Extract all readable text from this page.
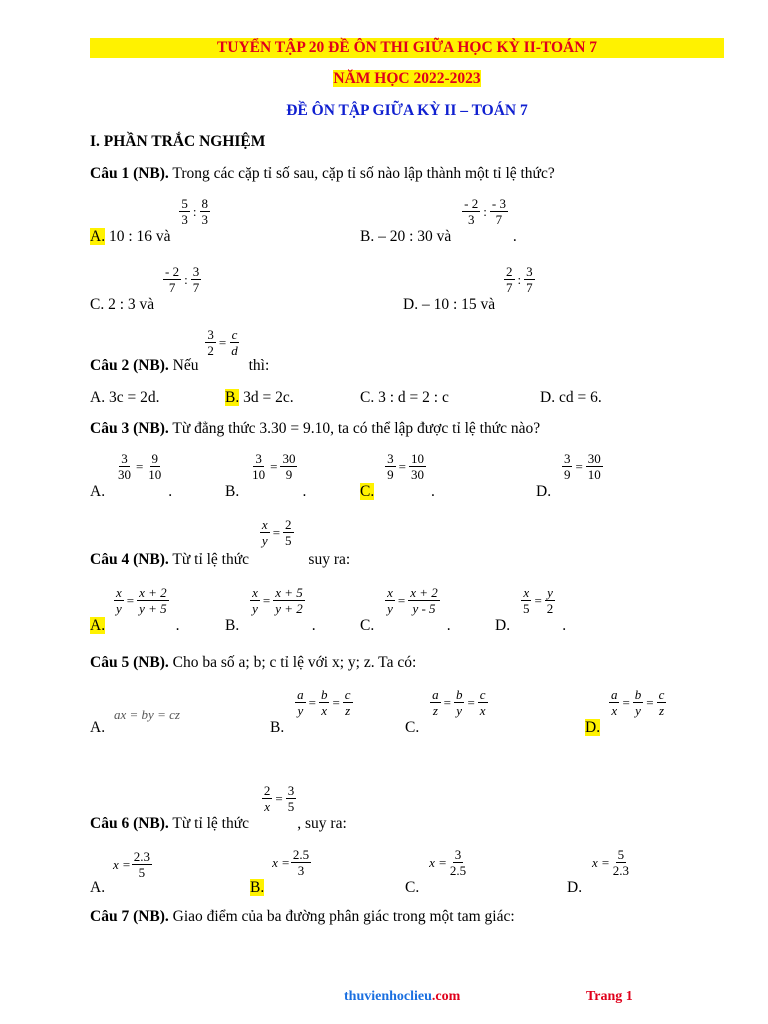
TUYỂN TẬP 20 ĐỀ ÔN THI GIỮA HỌC KỲ II-TOÁN 7
NĂM HỌC 2022-2023
ĐỀ ÔN TẬP GIỮA KỲ II – TOÁN 7
I. PHẦN TRẮC NGHIỆM
Câu 1 (NB). Trong các cặp tỉ số sau, cặp tỉ số nào lập thành một tỉ lệ thức?
A. 10 : 16 và
5
3
: 8
3
B. – 20 : 30 và
- 2
3
: - 3
7
.
C. 2 : 3 và
- 2
7
: 3
7
D. – 10 : 15 và
2
7
: 3
7
Câu 2 (NB). Nếu
$\frac{3}{2} = \frac{c}{d}$
thì:
A. 3c = 2d.	B. 3d = 2c.	C. 3 : d = 2 : c	D. cd = 6.
Câu 3 (NB). Từ đẳng thức 3.30 = 9.10, ta có thể lập được tỉ lệ thức nào?
A.
$\frac{3}{30} = \frac{9}{10}$
.	B.
$\frac{3}{10} = \frac{30}{9}$
.	C.
$\frac{3}{9} = \frac{10}{30}$
.	D.
$\frac{3}{9} = \frac{30}{10}$
Câu 4 (NB). Từ tỉ lệ thức
$\frac{x}{y} = \frac{2}{5}$
suy ra:
A.
$\frac{x}{y} = \frac{x + 2}{y + 5}$
.	B.
$\frac{x}{y} = \frac{x + 5}{y + 2}$
.	C.
$\frac{x}{y} = \frac{x + 2}{y - 5}$
.	D.
$\frac{x}{5} = \frac{y}{2}$
.
Câu 5 (NB). Cho ba số a; b; c tỉ lệ với x; y; z. Ta có:
A.
ax = by = cz
B.
$\frac{a}{y} = \frac{b}{x} = \frac{c}{z}$
C.
$\frac{a}{z} = \frac{b}{y} = \frac{c}{x}$
D.
$\frac{a}{x} = \frac{b}{y} = \frac{c}{z}$
Câu 6 (NB). Từ tỉ lệ thức
$\frac{2}{x} = \frac{3}{5}$
, suy ra:
A.
$x = \frac{2.3}{5}$
B.
$x = \frac{2.5}{3}$
C.
$x = \frac{3}{2.5}$
D.
$x = \frac{5}{2.3}$
Câu 7 (NB). Giao điểm của ba đường phân giác trong một tam giác:
thuvienhoclieu.com	Trang 1
